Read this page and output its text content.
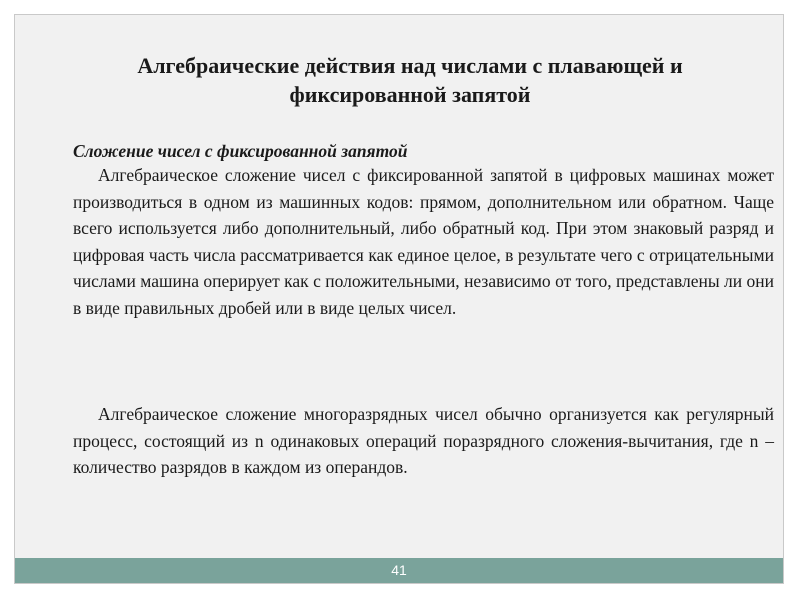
Алгебраические действия над числами с плавающей и фиксированной запятой

Сложение чисел с фиксированной запятой

Алгебраическое сложение чисел с фиксированной запятой в цифровых машинах может производиться в одном из машинных кодов: прямом, дополнительном или обратном. Чаще всего используется либо дополнительный, либо обратный код. При этом знаковый разряд и цифровая часть числа рассматривается как единое целое, в результате чего с отрицательными числами машина оперирует как с положительными, независимо от того, представлены ли они в виде правильных дробей или в виде целых чисел.

Алгебраическое сложение многоразрядных чисел обычно организуется как регулярный процесс, состоящий из n одинаковых операций поразрядного сложения-вычитания, где n – количество разрядов в каждом из операндов.

41
